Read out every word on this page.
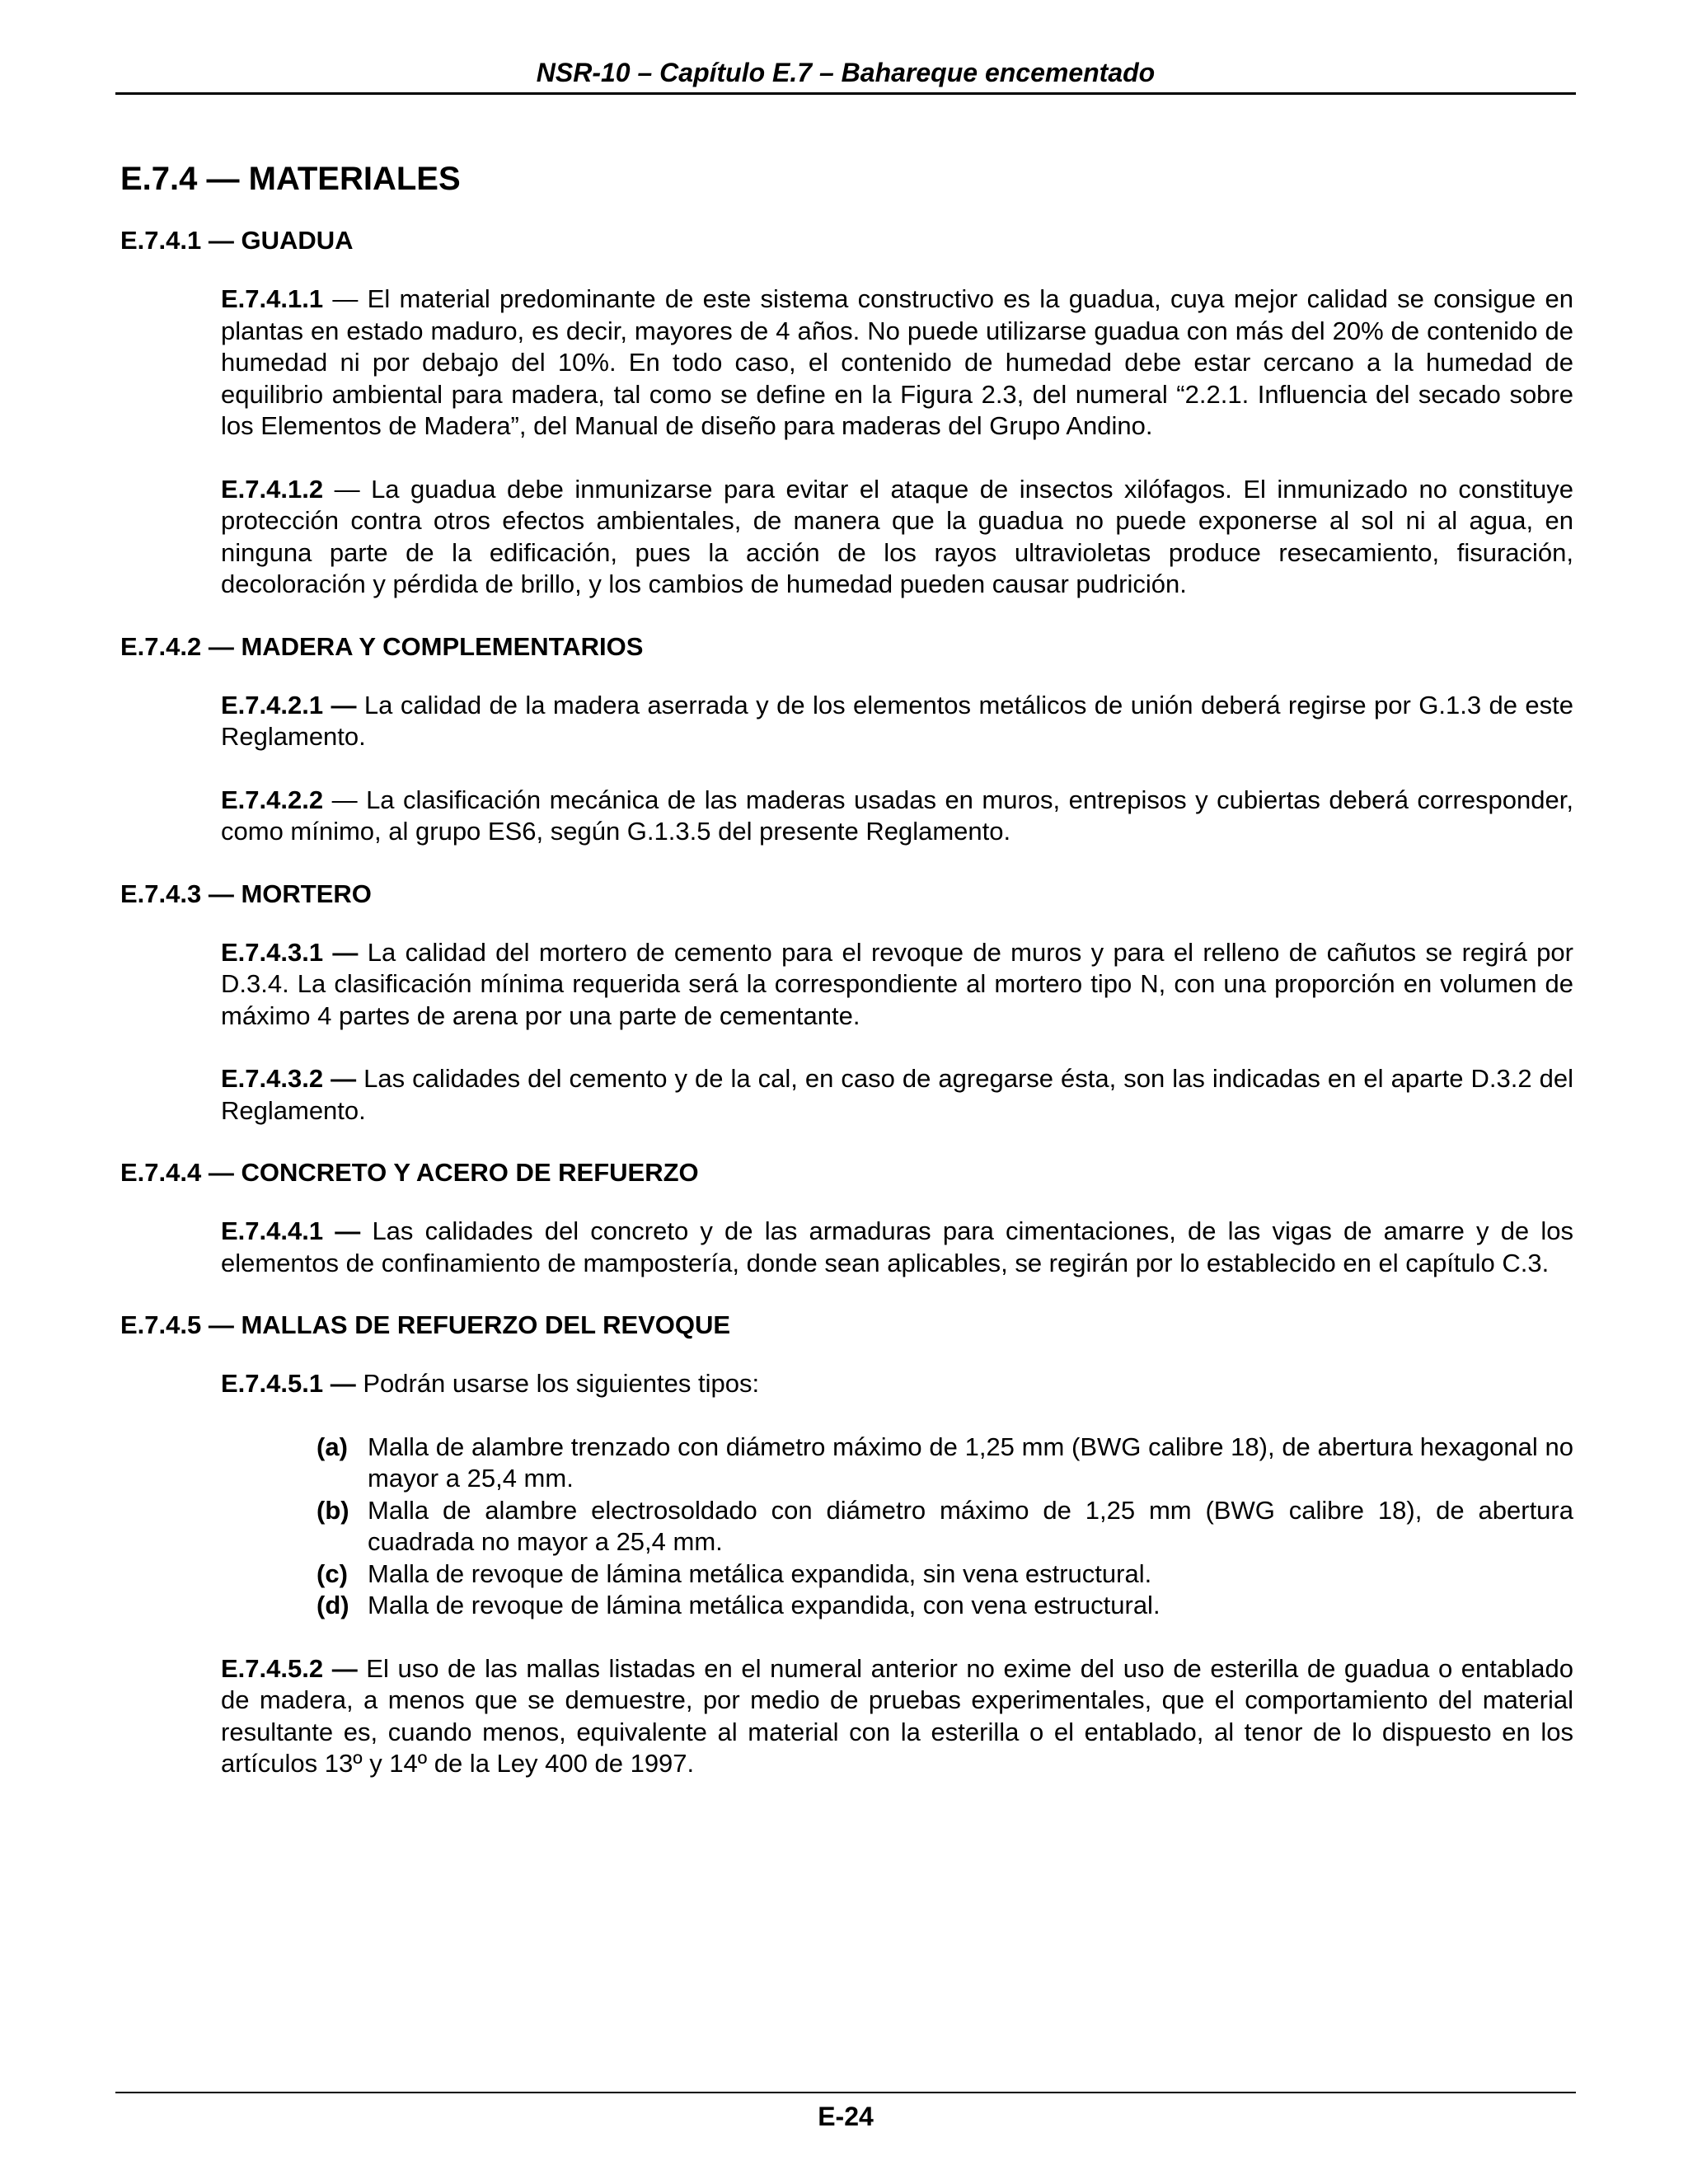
NSR-10 – Capítulo E.7 – Bahareque encementado
E.7.4 — MATERIALES
E.7.4.1 — GUADUA

E.7.4.1.1 — El material predominante de este sistema constructivo es la guadua, cuya mejor calidad se consigue en plantas en estado maduro, es decir, mayores de 4 años. No puede utilizarse guadua con más del 20% de contenido de humedad ni por debajo del 10%. En todo caso, el contenido de humedad debe estar cercano a la humedad de equilibrio ambiental para madera, tal como se define en la Figura 2.3, del numeral “2.2.1. Influencia del secado sobre los Elementos de Madera”, del Manual de diseño para maderas del Grupo Andino.

E.7.4.1.2 — La guadua debe inmunizarse para evitar el ataque de insectos xilófagos. El inmunizado no constituye protección contra otros efectos ambientales, de manera que la guadua no puede exponerse al sol ni al agua, en ninguna parte de la edificación, pues la acción de los rayos ultravioletas produce resecamiento, fisuración, decoloración y pérdida de brillo, y los cambios de humedad pueden causar pudrición.

E.7.4.2 — MADERA Y COMPLEMENTARIOS

E.7.4.2.1 — La calidad de la madera aserrada y de los elementos metálicos de unión deberá regirse por G.1.3 de este Reglamento.

E.7.4.2.2 — La clasificación mecánica de las maderas usadas en muros, entrepisos y cubiertas deberá corresponder, como mínimo, al grupo ES6, según G.1.3.5 del presente Reglamento.

E.7.4.3 — MORTERO

E.7.4.3.1 — La calidad del mortero de cemento para el revoque de muros y para el relleno de cañutos se regirá por D.3.4. La clasificación mínima requerida será la correspondiente al mortero tipo N, con una proporción en volumen de máximo 4 partes de arena por una parte de cementante.

E.7.4.3.2 — Las calidades del cemento y de la cal, en caso de agregarse ésta, son las indicadas en el aparte D.3.2 del Reglamento.

E.7.4.4 — CONCRETO Y ACERO DE REFUERZO

E.7.4.4.1 — Las calidades del concreto y de las armaduras para cimentaciones, de las vigas de amarre y de los elementos de confinamiento de mampostería, donde sean aplicables, se regirán por lo establecido en el capítulo C.3.

E.7.4.5 — MALLAS DE REFUERZO DEL REVOQUE

E.7.4.5.1 — Podrán usarse los siguientes tipos:

(a) Malla de alambre trenzado con diámetro máximo de 1,25 mm (BWG calibre 18), de abertura hexagonal no mayor a 25,4 mm.
(b) Malla de alambre electrosoldado con diámetro máximo de 1,25 mm (BWG calibre 18), de abertura cuadrada no mayor a 25,4 mm.
(c) Malla de revoque de lámina metálica expandida, sin vena estructural.
(d) Malla de revoque de lámina metálica expandida, con vena estructural.

E.7.4.5.2 — El uso de las mallas listadas en el numeral anterior no exime del uso de esterilla de guadua o entablado de madera, a menos que se demuestre, por medio de pruebas experimentales, que el comportamiento del material resultante es, cuando menos, equivalente al material con la esterilla o el entablado, al tenor de lo dispuesto en los artículos 13º y 14º de la Ley 400 de 1997.

E-24
